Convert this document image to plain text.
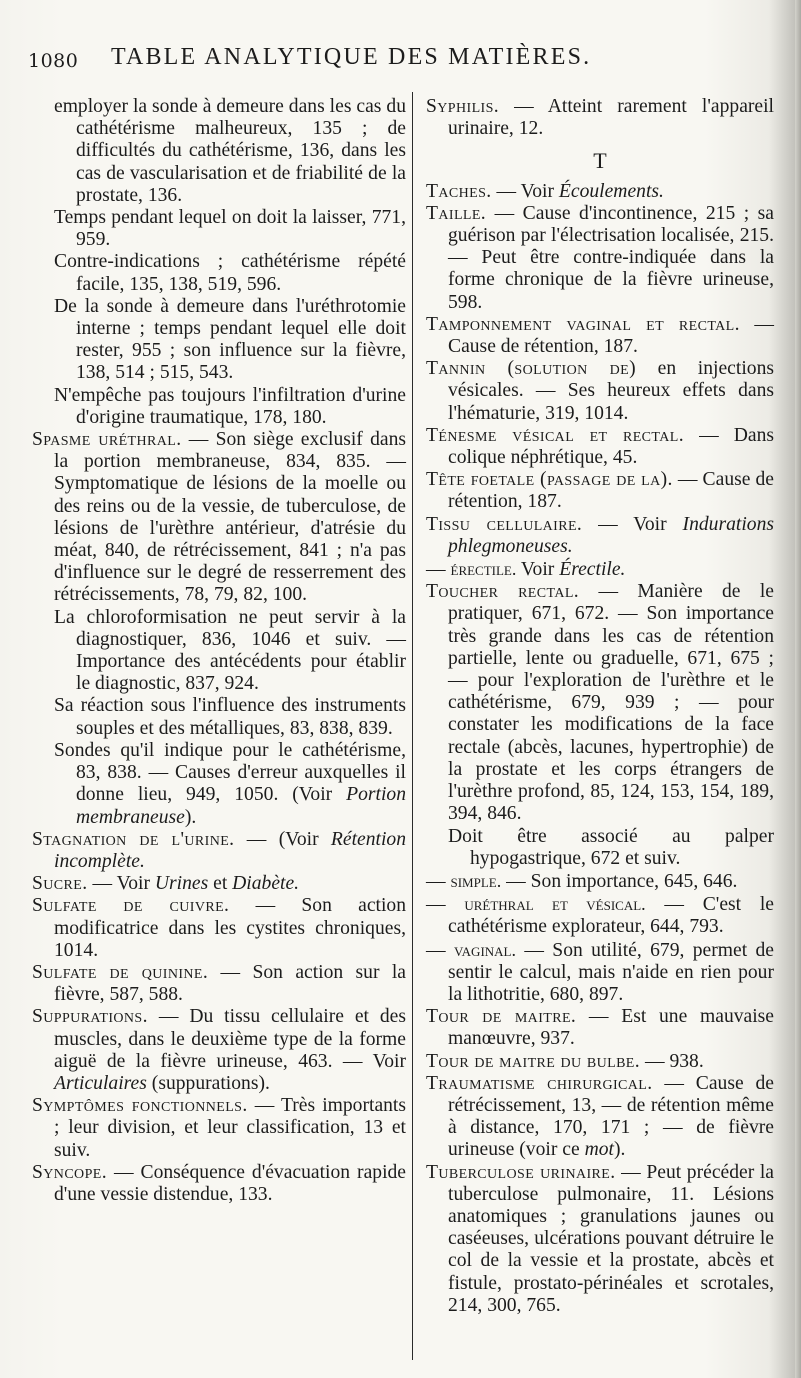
1080 TABLE ANALYTIQUE DES MATIÈRES.
employer la sonde à demeure dans les cas du cathétérisme malheureux, 135 ; de difficultés du cathétérisme, 136, dans les cas de vascularisation et de friabilité de la prostate, 136.
Temps pendant lequel on doit la laisser, 771, 959.
Contre-indications ; cathétérisme répété facile, 135, 138, 519, 596.
De la sonde à demeure dans l'uréthrotomie interne ; temps pendant lequel elle doit rester, 955 ; son influence sur la fièvre, 138, 514 ; 515, 543.
N'empêche pas toujours l'infiltration d'urine d'origine traumatique, 178, 180.
Spasme uréthral. — Son siège exclusif dans la portion membraneuse, 834, 835. — Symptomatique de lésions de la moelle ou des reins ou de la vessie, de tuberculose, de lésions de l'urèthre antérieur, d'atrésie du méat, 840, de rétrécissement, 841 ; n'a pas d'influence sur le degré de resserrement des rétrécissements, 78, 79, 82, 100.
La chloroformisation ne peut servir à la diagnostiquer, 836, 1046 et suiv. — Importance des antécédents pour établir le diagnostic, 837, 924.
Sa réaction sous l'influence des instruments souples et des métalliques, 83, 838, 839.
Sondes qu'il indique pour le cathétérisme, 83, 838. — Causes d'erreur auxquelles il donne lieu, 949, 1050. (Voir Portion membraneuse).
Stagnation de l'urine. — (Voir Rétention incomplète.
Sucre. — Voir Urines et Diabète.
Sulfate de cuivre. — Son action modificatrice dans les cystites chroniques, 1014.
Sulfate de quinine. — Son action sur la fièvre, 587, 588.
Suppurations. — Du tissu cellulaire et des muscles, dans le deuxième type de la forme aiguë de la fièvre urineuse, 463. — Voir Articulaires (suppurations).
Symptômes fonctionnels. — Très importants ; leur division, et leur classification, 13 et suiv.
Syncope. — Conséquence d'évacuation rapide d'une vessie distendue, 133.
Syphilis. — Atteint rarement l'appareil urinaire, 12.
T
Taches. — Voir Écoulements.
Taille. — Cause d'incontinence, 215 ; sa guérison par l'électrisation localisée, 215. — Peut être contre-indiquée dans la forme chronique de la fièvre urineuse, 598.
Tamponnement vaginal et rectal. — Cause de rétention, 187.
Tannin (solution de) en injections vésicales. — Ses heureux effets dans l'hématurie, 319, 1014.
Ténesme vésical et rectal. — Dans colique néphrétique, 45.
Tête foetale (passage de la). — Cause de rétention, 187.
Tissu cellulaire. — Voir Indurations phlegmoneuses.
— érectile. Voir Érectile.
Toucher rectal. — Manière de le pratiquer, 671, 672. — Son importance très grande dans les cas de rétention partielle, lente ou graduelle, 671, 675 ; — pour l'exploration de l'urèthre et le cathétérisme, 679, 939 ; — pour constater les modifications de la face rectale (abcès, lacunes, hypertrophie) de la prostate et les corps étrangers de l'urèthre profond, 85, 124, 153, 154, 189, 394, 846.
Doit être associé au palper hypogastrique, 672 et suiv.
— simple. — Son importance, 645, 646.
— uréthral et vésical. — C'est le cathétérisme explorateur, 644, 793.
— vaginal. — Son utilité, 679, permet de sentir le calcul, mais n'aide en rien pour la lithotritie, 680, 897.
Tour de maitre. — Est une mauvaise manœuvre, 937.
Tour de maitre du bulbe. — 938.
Traumatisme chirurgical. — Cause de rétrécissement, 13, — de rétention même à distance, 170, 171 ; — de fièvre urineuse (voir ce mot).
Tuberculose urinaire. — Peut précéder la tuberculose pulmonaire, 11. Lésions anatomiques ; granulations jaunes ou caséeuses, ulcérations pouvant détruire le col de la vessie et la prostate, abcès et fistule, prostato-périnéales et scrotales, 214, 300, 765.
